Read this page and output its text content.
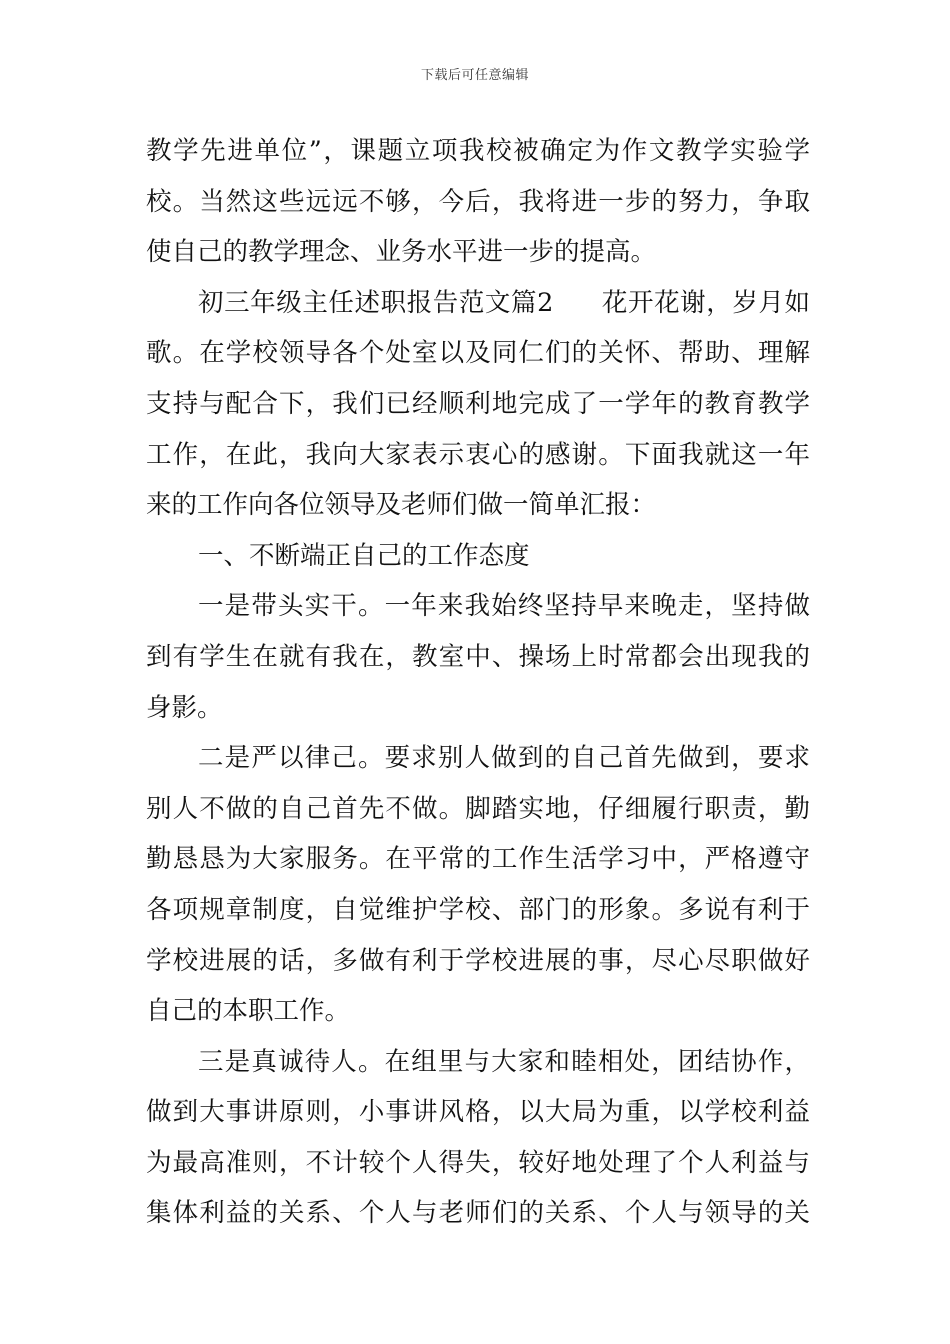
下载后可任意编辑
教学先进单位”，课题立项我校被确定为作文教学实验学
校。当然这些远远不够，今后，我将进一步的努力，争取
使自己的教学理念、业务水平进一步的提高。
初三年级主任述职报告范文篇2 花开花谢，岁月如
歌。在学校领导各个处室以及同仁们的关怀、帮助、理解
支持与配合下，我们已经顺利地完成了一学年的教育教学
工作，在此，我向大家表示衷心的感谢。下面我就这一年
来的工作向各位领导及老师们做一简单汇报：
一、不断端正自己的工作态度
一是带头实干。一年来我始终坚持早来晚走，坚持做
到有学生在就有我在，教室中、操场上时常都会出现我的
身影。
二是严以律己。要求别人做到的自己首先做到，要求
别人不做的自己首先不做。脚踏实地，仔细履行职责，勤
勤恳恳为大家服务。在平常的工作生活学习中，严格遵守
各项规章制度，自觉维护学校、部门的形象。多说有利于
学校进展的话，多做有利于学校进展的事，尽心尽职做好
自己的本职工作。
三是真诚待人。在组里与大家和睦相处，团结协作，
做到大事讲原则，小事讲风格，以大局为重，以学校利益
为最高准则，不计较个人得失，较好地处理了个人利益与
集体利益的关系、个人与老师们的关系、个人与领导的关
